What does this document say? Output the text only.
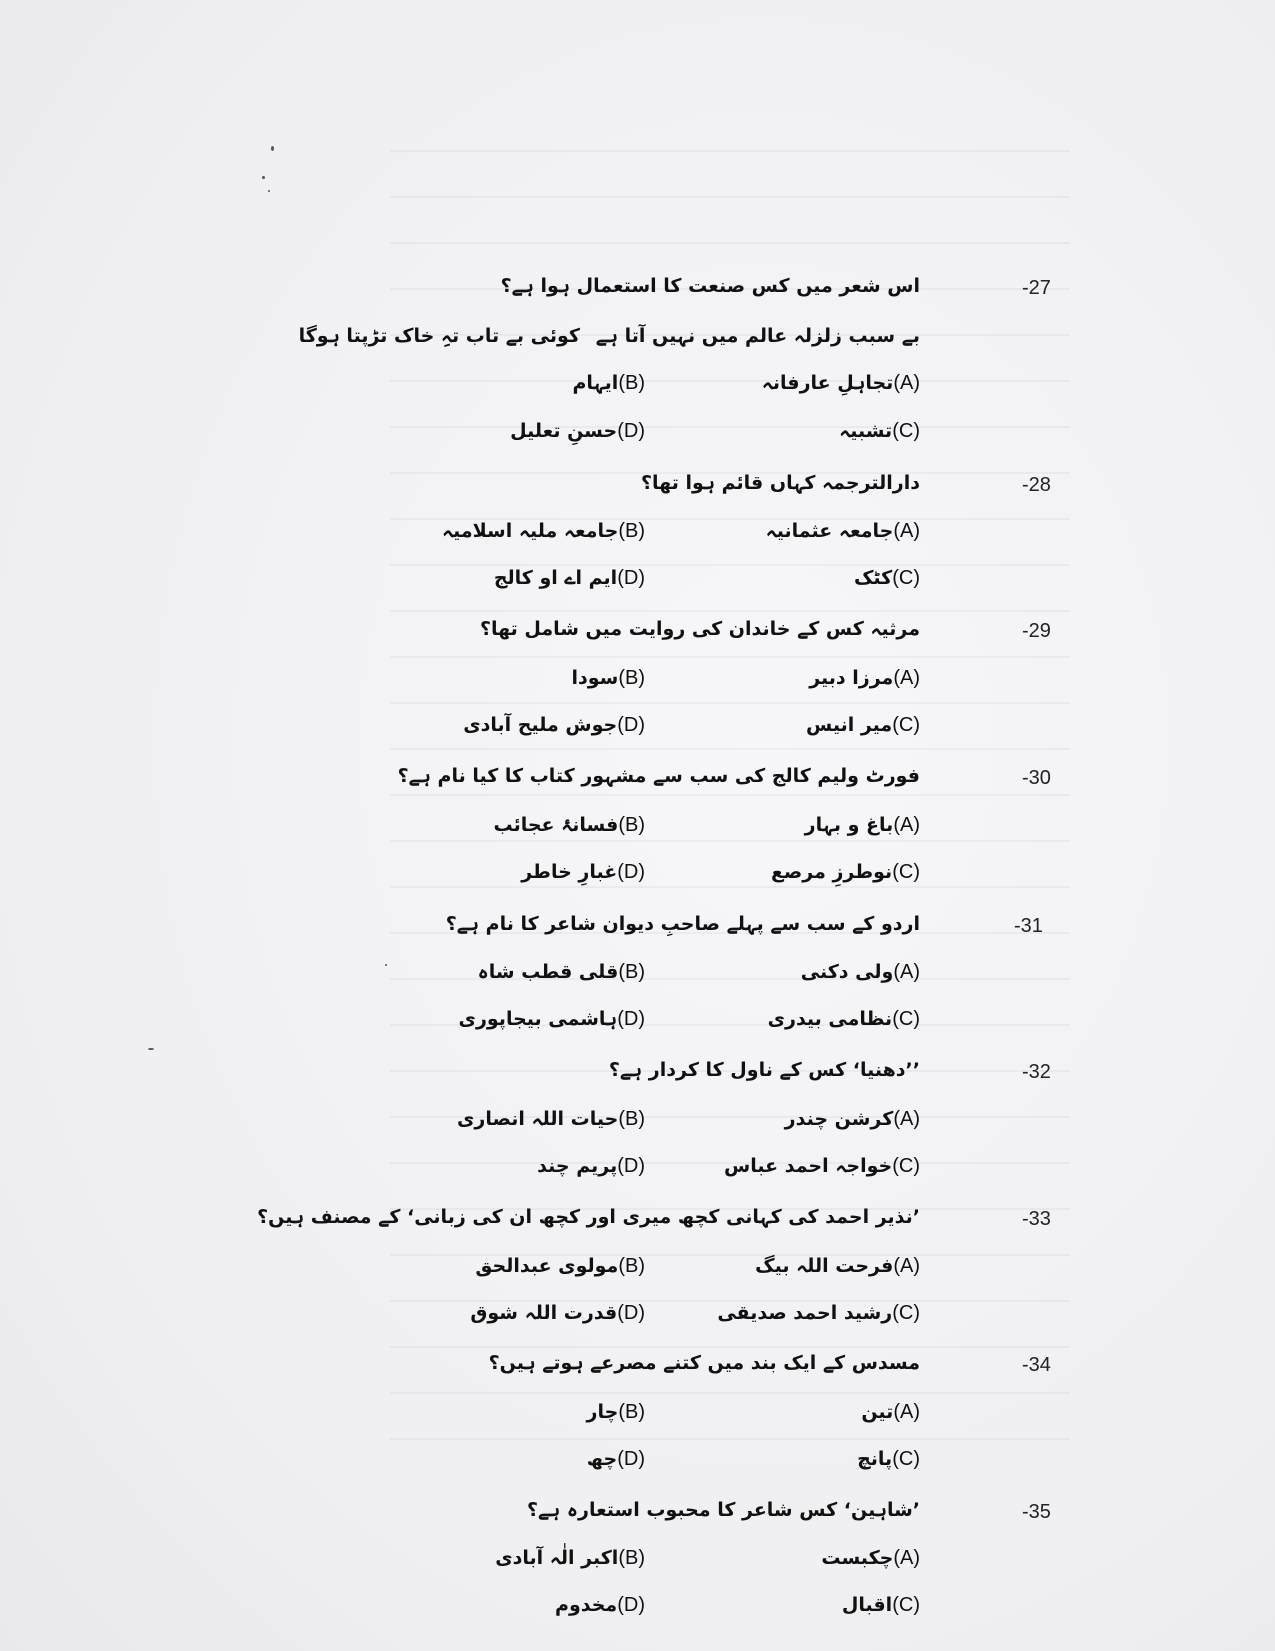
-27
اس شعر میں کس صنعت کا استعمال ہوا ہے؟
بے سبب زلزلہ عالم میں نہیں آتا ہے
کوئی بے تاب تہِ خاک تڑپتا ہوگا
(A)تجاہلِ عارفانہ
(B)ایہام
(C)تشبیہ
(D)حسنِ تعلیل
-28
دارالترجمہ کہاں قائم ہوا تھا؟
(A)جامعہ عثمانیہ
(B)جامعہ ملیہ اسلامیہ
(C)کٹک
(D)ایم اے او کالج
-29
مرثیہ کس کے خاندان کی روایت میں شامل تھا؟
(A)مرزا دبیر
(B)سودا
(C)میر انیس
(D)جوش ملیح آبادی
-30
فورٹ ولیم کالج کی سب سے مشہور کتاب کا کیا نام ہے؟
(A)باغ و بہار
(B)فسانۂ عجائب
(C)نوطرزِ مرصع
(D)غبارِ خاطر
-31
اردو کے سب سے پہلے صاحبِ دیوان شاعر کا نام ہے؟
(A)ولی دکنی
(B)قلی قطب شاہ
(C)نظامی بیدری
(D)ہاشمی بیجاپوری
-32
’’دھنیا‘ کس کے ناول کا کردار ہے؟
(A)کرشن چندر
(B)حیات اللہ انصاری
(C)خواجہ احمد عباس
(D)پریم چند
-33
’نذیر احمد کی کہانی کچھ میری اور کچھ ان کی زبانی‘ کے مصنف ہیں؟
(A)فرحت اللہ بیگ
(B)مولوی عبدالحق
(C)رشید احمد صدیقی
(D)قدرت اللہ شوق
-34
مسدس کے ایک بند میں کتنے مصرعے ہوتے ہیں؟
(A)تین
(B)چار
(C)پانچ
(D)چھ
-35
’شاہین‘ کس شاعر کا محبوب استعارہ ہے؟
(A)چکبست
(B)اکبر الٰہ آبادی
(C)اقبال
(D)مخدوم
